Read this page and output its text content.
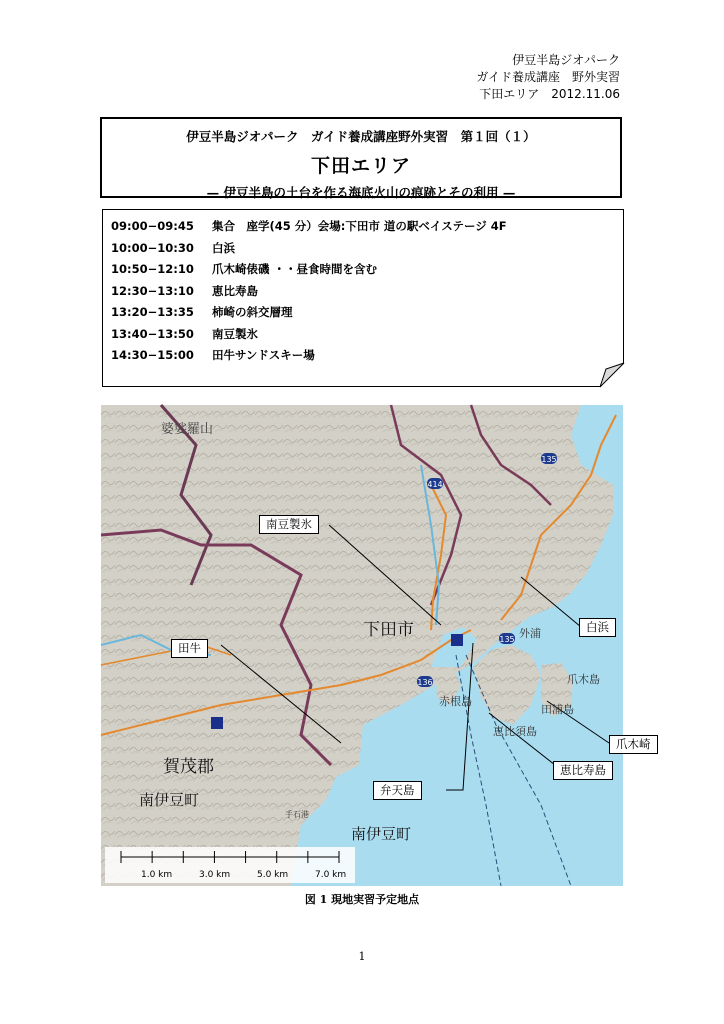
伊豆半島ジオパーク
ガイド養成講座　野外実習
下田エリア　2012.11.06
伊豆半島ジオパーク　ガイド養成講座野外実習　第１回（１）
下田エリア
— 伊豆半島の土台を作る海底火山の痕跡とその利用 —
09:00−09:45	集合　座学(45 分）会場:下田市 道の駅ベイステージ 4F
10:00−10:30	白浜
10:50−12:10	爪木崎俵磯 ・・昼食時間を含む
12:30−13:10	恵比寿島
13:20−13:35	柿崎の斜交層理
13:40−13:50	南豆製氷
14:30−15:00	田牛サンドスキー場
414
135
135
136
婆娑羅山
下田市
賀茂郡
南伊豆町
南伊豆町
外浦
爪木島
田浦島
赤根島
恵比須島
手石港
1.0 km	3.0 km	5.0 km	7.0 km
南豆製氷
田牛
白浜
爪木崎
恵比寿島
弁天島
図 1 現地実習予定地点
1
